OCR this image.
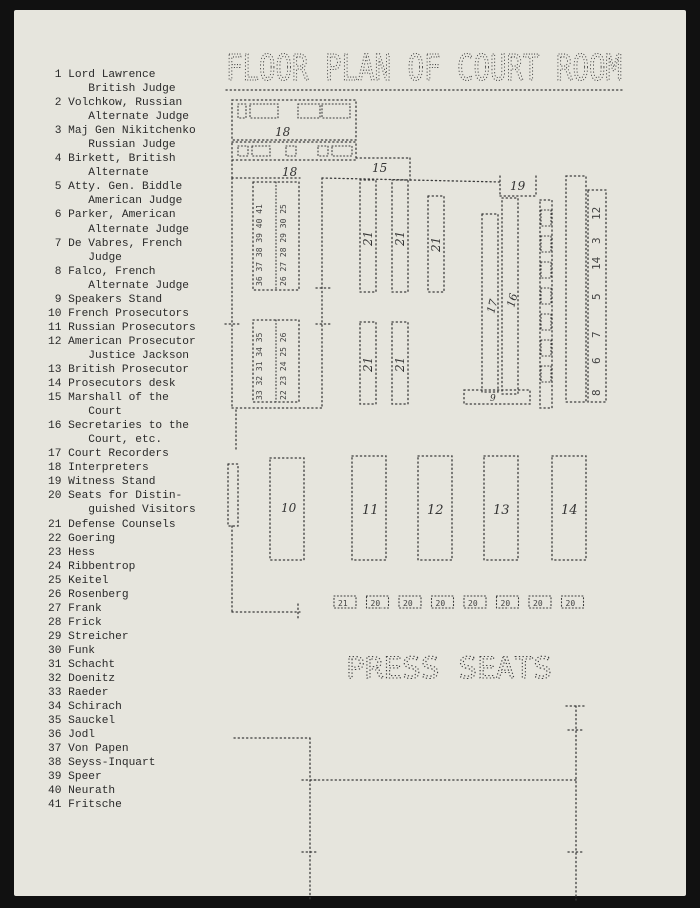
1 Lord Lawrence
British Judge
2 Volchkow, Russian
Alternate Judge
3 Maj Gen Nikitchenko
Russian Judge
4 Birkett, British
Alternate
5 Atty. Gen. Biddle
American Judge
6 Parker, American
Alternate Judge
7 De Vabres, French
Judge
8 Falco, French
Alternate Judge
9 Speakers Stand
10 French Prosecutors
11 Russian Prosecutors
12 American Prosecutor
Justice Jackson
13 British Prosecutor
14 Prosecutors desk
15 Marshall of the
Court
16 Secretaries to the
Court, etc.
17 Court Recorders
18 Interpreters
19 Witness Stand
20 Seats for Distin-
guished Visitors
21 Defense Counsels
22 Goering
23 Hess
24 Ribbentrop
25 Keitel
26 Rosenberg
27 Frank
28 Frick
29 Streicher
30 Funk
31 Schacht
32 Doenitz
33 Raeder
34 Schirach
35 Sauckel
36 Jodl
37 Von Papen
38 Seyss-Inquart
39 Speer
40 Neurath
41 Fritsche
FLOOR PLAN OF COURT ROOM
18
18	15
36 37 38 39 40 41 26 27 28 29 30 25
33 32 31 34 35 22 23 24 25 26
21 21 21
21 21
19
17 16
9
12
3
14
5
7
6
8
10	11	12	13	14
21	20	20	20	20	20	20	20
PRESS SEATS
